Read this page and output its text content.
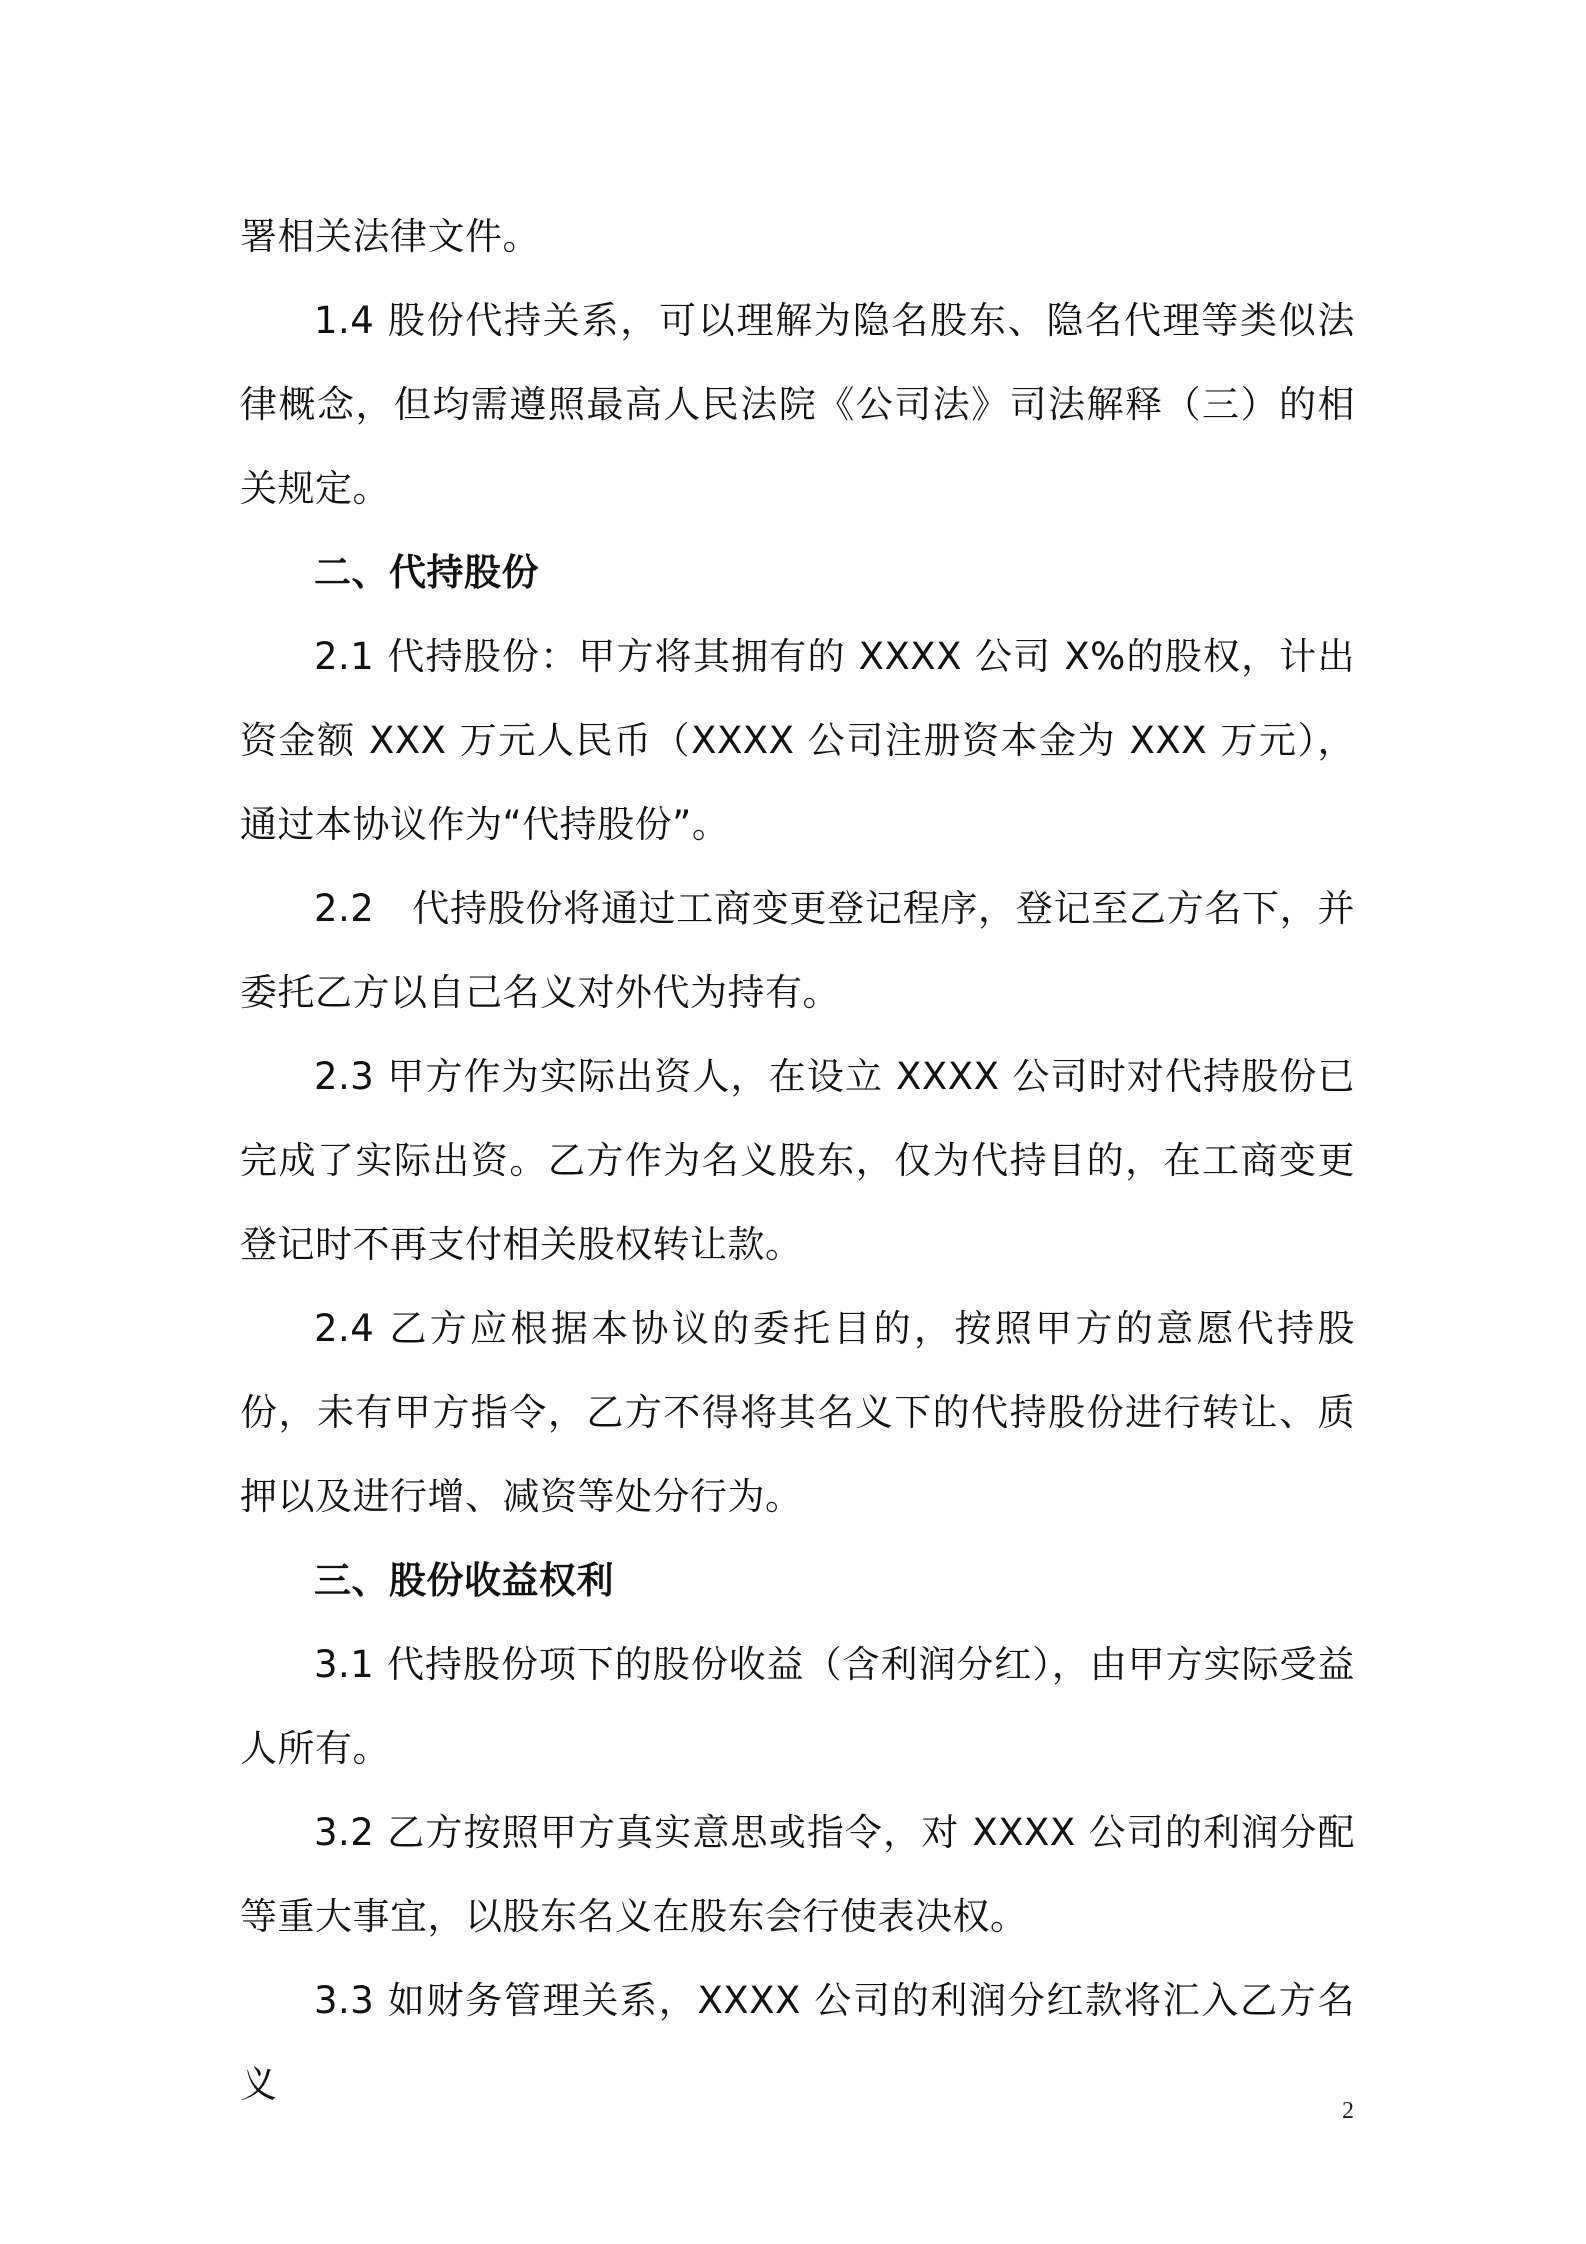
署相关法律文件。

1.4 股份代持关系，可以理解为隐名股东、隐名代理等类似法律概念，但均需遵照最高人民法院《公司法》司法解释（三）的相关规定。

二、代持股份

2.1 代持股份：甲方将其拥有的 XXXX 公司 X%的股权，计出资金额 XXX 万元人民币（XXXX 公司注册资本金为 XXX 万元），通过本协议作为“代持股份”。

2.2　代持股份将通过工商变更登记程序，登记至乙方名下，并委托乙方以自己名义对外代为持有。

2.3 甲方作为实际出资人，在设立 XXXX 公司时对代持股份已完成了实际出资。乙方作为名义股东，仅为代持目的，在工商变更登记时不再支付相关股权转让款。

2.4 乙方应根据本协议的委托目的，按照甲方的意愿代持股份，未有甲方指令，乙方不得将其名义下的代持股份进行转让、质押以及进行增、减资等处分行为。

三、股份收益权利

3.1 代持股份项下的股份收益（含利润分红），由甲方实际受益人所有。

3.2 乙方按照甲方真实意思或指令，对 XXXX 公司的利润分配等重大事宜，以股东名义在股东会行使表决权。

3.3 如财务管理关系，XXXX 公司的利润分红款将汇入乙方名义

2
